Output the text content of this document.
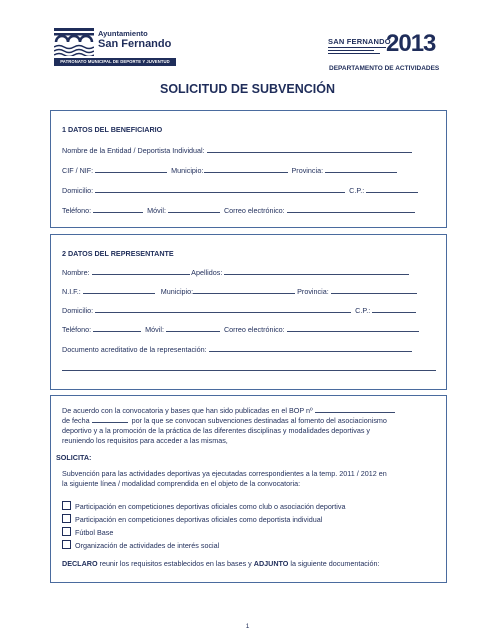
Ayuntamiento
San Fernando
PATRONATO MUNICIPAL DE DEPORTE Y JUVENTUD
SAN FERNANDO
2013
DEPARTAMENTO DE ACTIVIDADES
SOLICITUD DE SUBVENCIÓN
1 DATOS DEL BENEFICIARIO
Nombre de la Entidad / Deportista Individual:
CIF / NIF:	Municipio:	Provincia:
Domicilio:	C.P.:
Teléfono:	Móvil:	Correo electrónico:
2 DATOS DEL REPRESENTANTE
Nombre:	Apellidos:
N.I.F.:	Municipio:	Provincia:
Domicilio:	C.P.:
Teléfono:	Móvil:	Correo electrónico:
Documento acreditativo de la representación:
De acuerdo con la convocatoria y bases que han sido publicadas en el BOP nº
de fecha	por la que se convocan subvenciones destinadas al fomento del asociacionismo
deportivo y a la promoción de la práctica de las diferentes disciplinas y modalidades deportivas y
reuniendo los requisitos para acceder a las mismas,
SOLICITA:
Subvención para las actividades deportivas ya ejecutadas correspondientes a la temp. 2011 / 2012 en
la siguiente línea / modalidad comprendida en el objeto de la convocatoria:
Participación en competiciones deportivas oficiales como club o asociación deportiva
Participación en competiciones deportivas oficiales como deportista individual
Fútbol Base
Organización de actividades de interés social
DECLARO reunir los requisitos establecidos en las bases y ADJUNTO la siguiente documentación:
1
